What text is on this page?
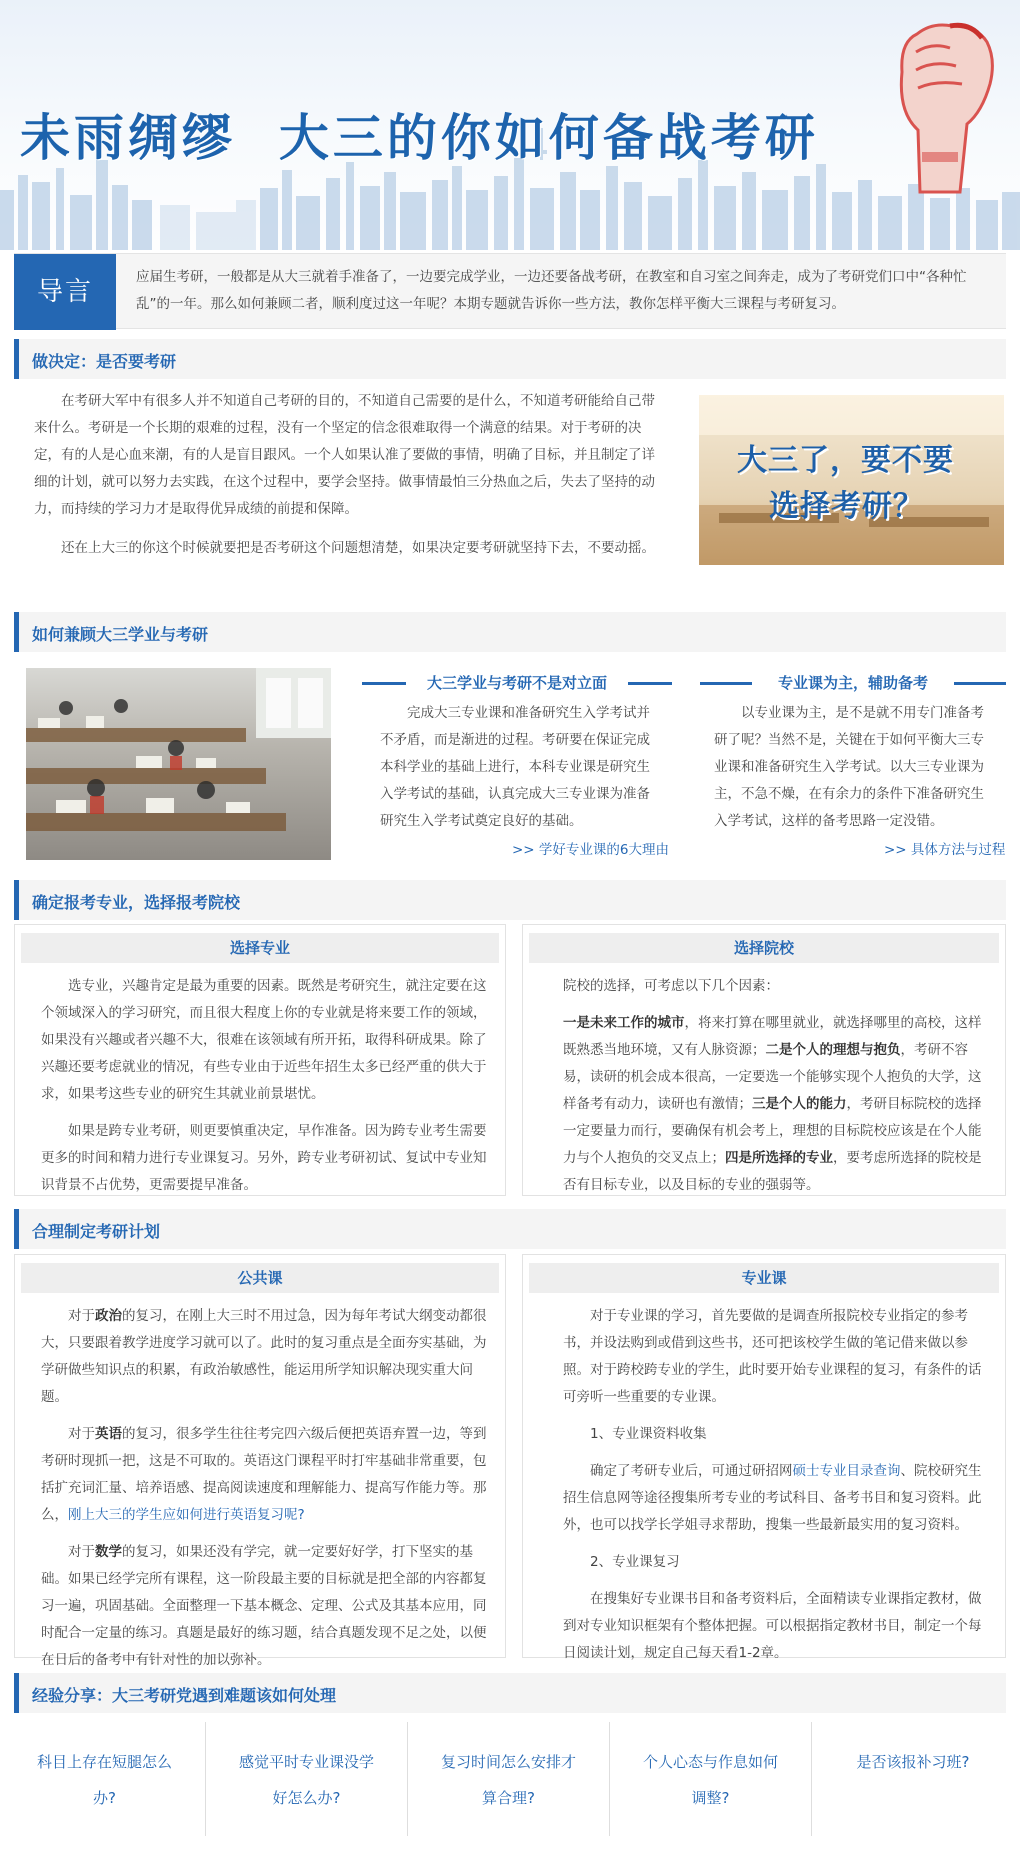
未雨绸缪  大三的你如何备战考研
导言	应届生考研，一般都是从大三就着手准备了，一边要完成学业，一边还要备战考研，在教室和自习室之间奔走，成为了考研党们口中“各种忙乱”的一年。那么如何兼顾二者，顺利度过这一年呢？本期专题就告诉你一些方法，教你怎样平衡大三课程与考研复习。
做决定：是否要考研

在考研大军中有很多人并不知道自己考研的目的，不知道自己需要的是什么，不知道考研能给自己带来什么。考研是一个长期的艰难的过程，没有一个坚定的信念很难取得一个满意的结果。对于考研的决定，有的人是心血来潮，有的人是盲目跟风。一个人如果认准了要做的事情，明确了目标，并且制定了详细的计划，就可以努力去实践，在这个过程中，要学会坚持。做事情最怕三分热血之后，失去了坚持的动力，而持续的学习力才是取得优异成绩的前提和保障。

还在上大三的你这个时候就要把是否考研这个问题想清楚，如果决定要考研就坚持下去，不要动摇。

大三了，要不要
选择考研？
如何兼顾大三学业与考研
大三学业与考研不是对立面

完成大三专业课和准备研究生入学考试并不矛盾，而是渐进的过程。考研要在保证完成本科学业的基础上进行，本科专业课是研究生入学考试的基础，认真完成大三专业课为准备研究生入学考试奠定良好的基础。

>> 学好专业课的6大理由
专业课为主，辅助备考

以专业课为主，是不是就不用专门准备考研了呢？当然不是，关键在于如何平衡大三专业课和准备研究生入学考试。以大三专业课为主，不急不燥，在有余力的条件下准备研究生入学考试，这样的备考思路一定没错。

>> 具体方法与过程
确定报考专业，选择报考院校
选择专业

选专业，兴趣肯定是最为重要的因素。既然是考研究生，就注定要在这个领域深入的学习研究，而且很大程度上你的专业就是将来要工作的领域，如果没有兴趣或者兴趣不大，很难在该领域有所开拓，取得科研成果。除了兴趣还要考虑就业的情况，有些专业由于近些年招生太多已经严重的供大于求，如果考这些专业的研究生其就业前景堪忧。

如果是跨专业考研，则更要慎重决定，早作准备。因为跨专业考生需要更多的时间和精力进行专业课复习。另外，跨专业考研初试、复试中专业知识背景不占优势，更需要提早准备。

选择院校

院校的选择，可考虑以下几个因素：

一是未来工作的城市，将来打算在哪里就业，就选择哪里的高校，这样既熟悉当地环境，又有人脉资源；二是个人的理想与抱负，考研不容易，读研的机会成本很高，一定要选一个能够实现个人抱负的大学，这样备考有动力，读研也有激情；三是个人的能力，考研目标院校的选择一定要量力而行，要确保有机会考上，理想的目标院校应该是在个人能力与个人抱负的交叉点上；四是所选择的专业，要考虑所选择的院校是否有目标专业，以及目标的专业的强弱等。

合理制定考研计划
公共课

对于政治的复习，在刚上大三时不用过急，因为每年考试大纲变动都很大，只要跟着教学进度学习就可以了。此时的复习重点是全面夯实基础，为学研做些知识点的积累，有政治敏感性，能运用所学知识解决现实重大问题。

对于英语的复习，很多学生往往考完四六级后便把英语弃置一边，等到考研时现抓一把，这是不可取的。英语这门课程平时打牢基础非常重要，包括扩充词汇量、培养语感、提高阅读速度和理解能力、提高写作能力等。那么，刚上大三的学生应如何进行英语复习呢?

对于数学的复习，如果还没有学完，就一定要好好学，打下坚实的基础。如果已经学完所有课程，这一阶段最主要的目标就是把全部的内容都复习一遍，巩固基础。全面整理一下基本概念、定理、公式及其基本应用，同时配合一定量的练习。真题是最好的练习题，结合真题发现不足之处，以便在日后的备考中有针对性的加以弥补。

专业课

对于专业课的学习，首先要做的是调查所报院校专业指定的参考书，并设法购到或借到这些书，还可把该校学生做的笔记借来做以参照。对于跨校跨专业的学生，此时要开始专业课程的复习，有条件的话可旁听一些重要的专业课。

1、专业课资料收集

确定了考研专业后，可通过研招网硕士专业目录查询、院校研究生招生信息网等途径搜集所考专业的考试科目、备考书目和复习资料。此外，也可以找学长学姐寻求帮助，搜集一些最新最实用的复习资料。

2、专业课复习

在搜集好专业课书目和备考资料后，全面精读专业课指定教材，做到对专业知识框架有个整体把握。可以根据指定教材书目，制定一个每日阅读计划，规定自己每天看1-2章。

经验分享：大三考研党遇到难题该如何处理
科目上存在短腿怎么办?
感觉平时专业课没学好怎么办?
复习时间怎么安排才算合理?
个人心态与作息如何调整?
是否该报补习班?
